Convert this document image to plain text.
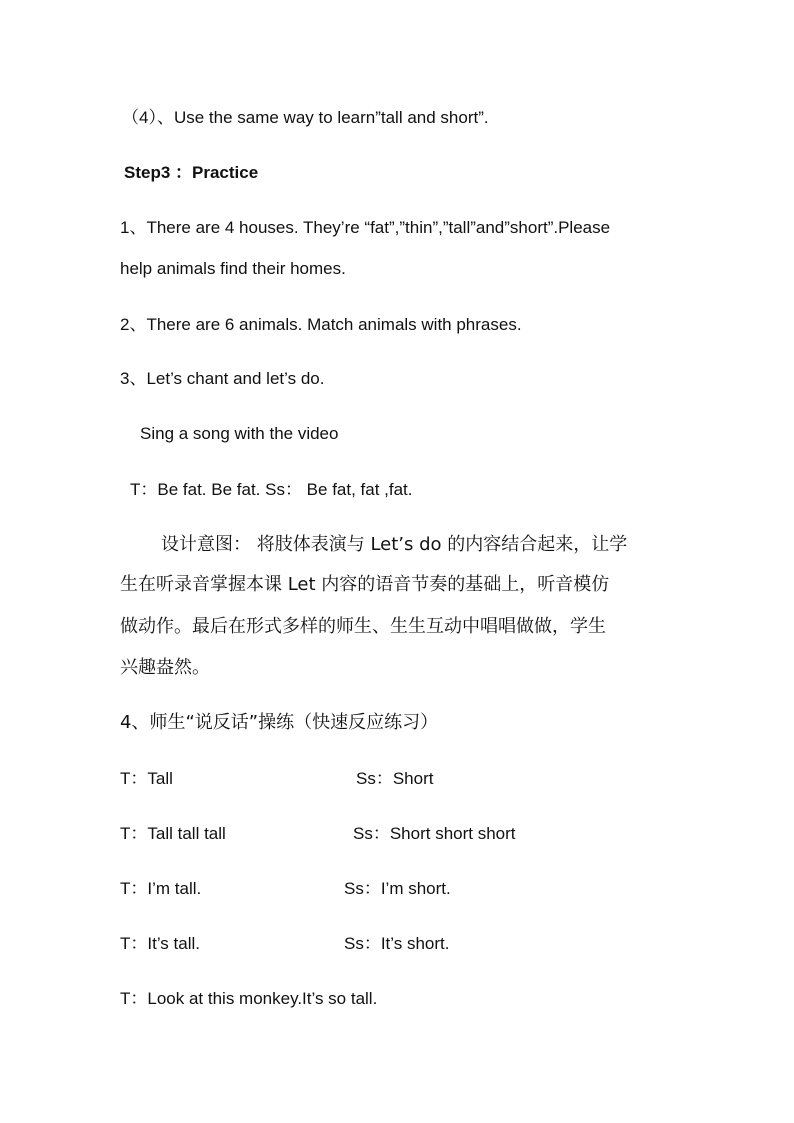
（4）、Use the same way to learn”tall and short”.
Step3 ：Practice
1、There are 4 houses. They’re “fat”,”thin”,”tall”and”short”.Please
help animals find their homes.
2、There are 6 animals. Match animals with phrases.
3、Let’s chant and let’s do.
Sing a song with the video
T：Be fat. Be fat. Ss： Be fat, fat ,fat.
设计意图： 将肢体表演与 Let’s do 的内容结合起来，让学
生在听录音掌握本课 Let 内容的语音节奏的基础上，听音模仿
做动作。最后在形式多样的师生、生生互动中唱唱做做，学生
兴趣盎然。
4、师生“说反话”操练（快速反应练习）
T：Tall	Ss：Short
T：Tall tall tall	Ss：Short short short
T：I’m tall.	Ss：I’m short.
T：It’s tall.	Ss：It’s short.
T：Look at this monkey.It’s so tall.
